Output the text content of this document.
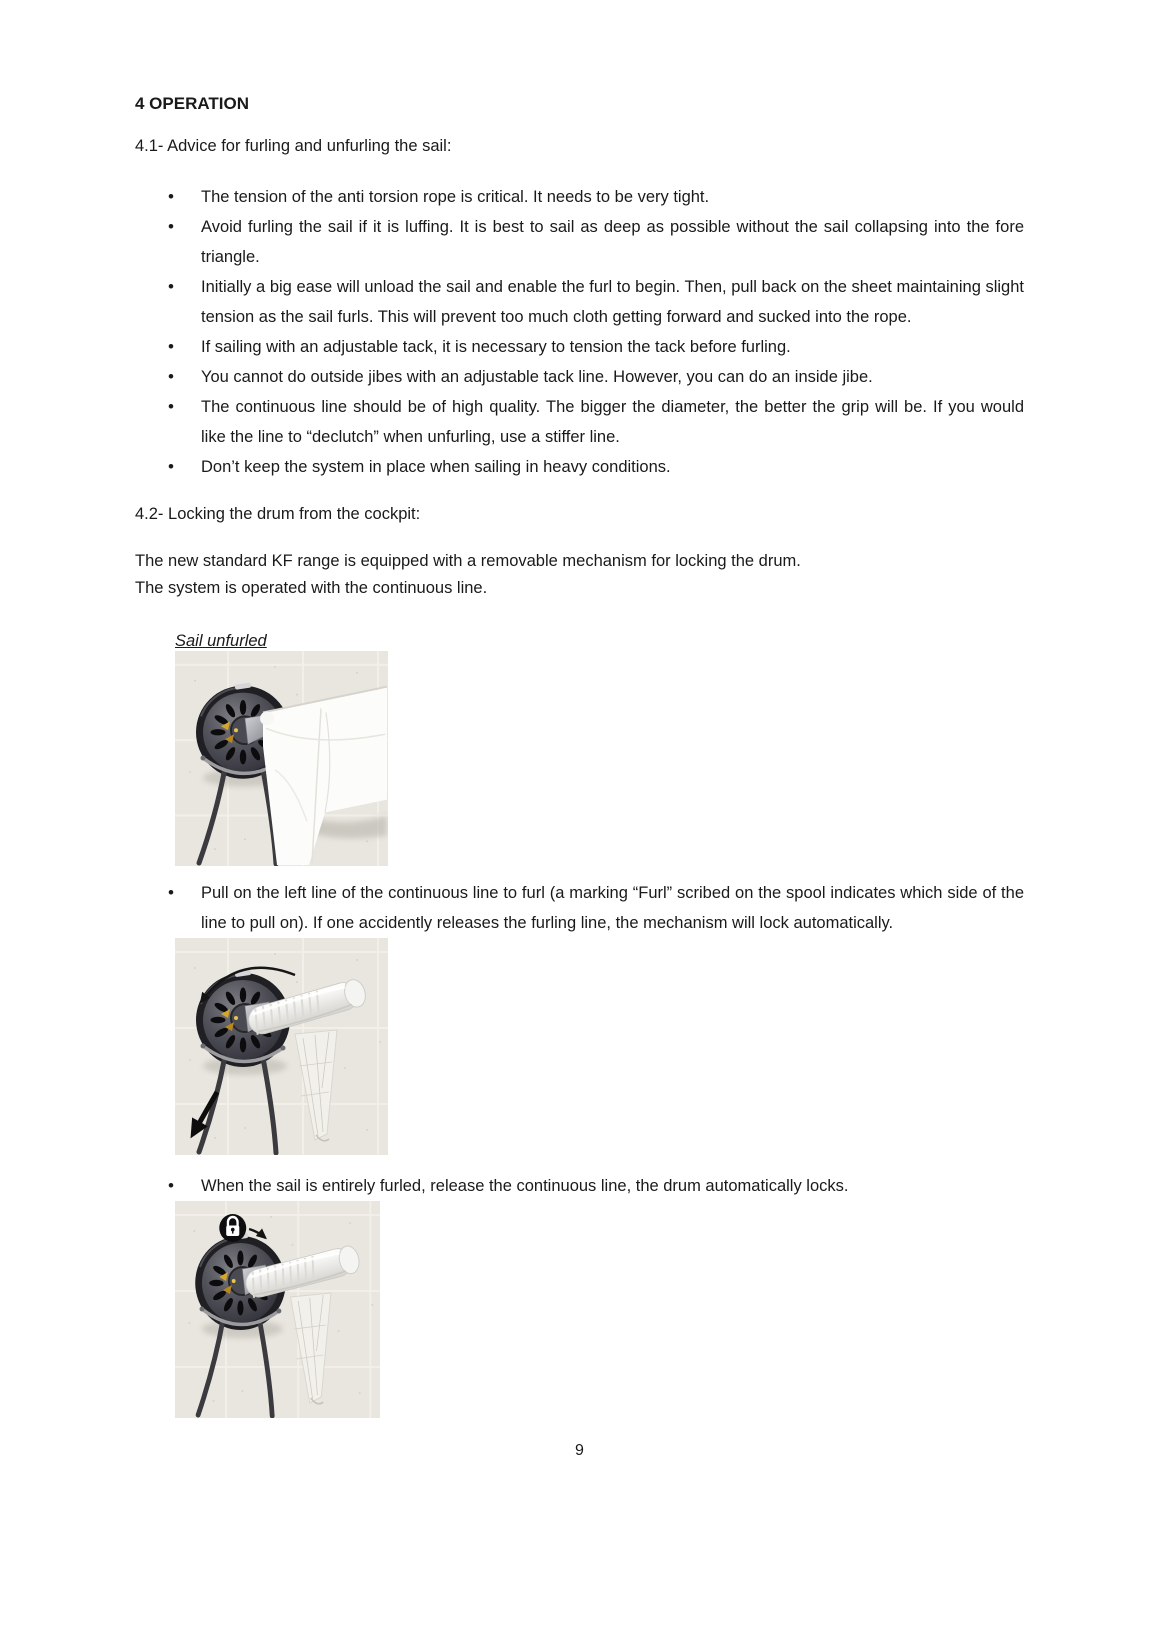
4 OPERATION

4.1- Advice for furling and unfurling the sail:

• The tension of the anti torsion rope is critical. It needs to be very tight.
• Avoid furling the sail if it is luffing. It is best to sail as deep as possible without the sail collapsing into the fore triangle.
• Initially a big ease will unload the sail and enable the furl to begin. Then, pull back on the sheet maintaining slight tension as the sail furls. This will prevent too much cloth getting forward and sucked into the rope.
• If sailing with an adjustable tack, it is necessary to tension the tack before furling.
• You cannot do outside jibes with an adjustable tack line. However, you can do an inside jibe.
• The continuous line should be of high quality. The bigger the diameter, the better the grip will be. If you would like the line to “declutch” when unfurling, use a stiffer line.
• Don’t keep the system in place when sailing in heavy conditions.

4.2- Locking the drum from the cockpit:

The new standard KF range is equipped with a removable mechanism for locking the drum.
The system is operated with the continuous line.

Sail unfurled

• Pull on the left line of the continuous line to furl (a marking “Furl” scribed on the spool indicates which side of the line to pull on). If one accidently releases the furling line, the mechanism will lock automatically.
• When the sail is entirely furled, release the continuous line, the drum automatically locks.
9
